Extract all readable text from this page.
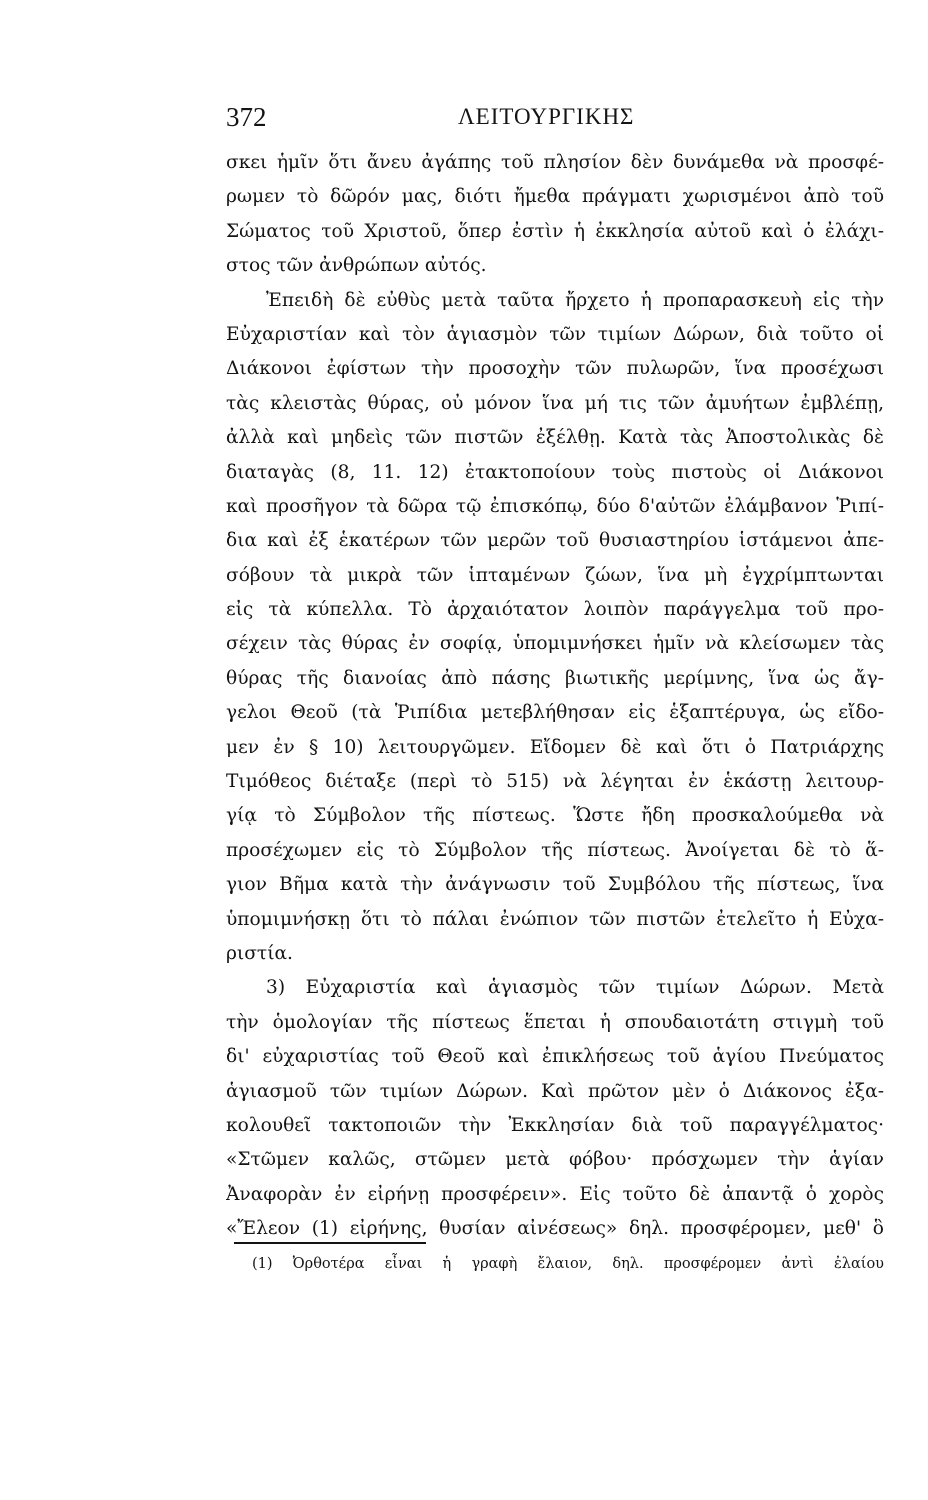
372	ΛΕΙΤΟΥΡΓΙΚΗΣ
σκει ἡμῖν ὅτι ἄνευ ἀγάπης τοῦ πλησίον δὲν δυνάμεθα νὰ προσφέ-
ρωμεν τὸ δῶρόν μας, διότι ἤμεθα πράγματι χωρισμένοι ἀπὸ τοῦ
Σώματος τοῦ Χριστοῦ, ὅπερ ἐστὶν ἡ ἐκκλησία αὐτοῦ καὶ ὁ ἐλάχι-
στος τῶν ἀνθρώπων αὐτός.
Ἐπειδὴ δὲ εὐθὺς μετὰ ταῦτα ἤρχετο ἡ προπαρασκευὴ εἰς τὴν
Εὐχαριστίαν καὶ τὸν ἁγιασμὸν τῶν τιμίων Δώρων, διὰ τοῦτο οἱ
Διάκονοι ἐφίστων τὴν προσοχὴν τῶν πυλωρῶν, ἵνα προσέχωσι
τὰς κλειστὰς θύρας, οὐ μόνον ἵνα μή τις τῶν ἀμυήτων ἐμβλέπῃ,
ἀλλὰ καὶ μηδεὶς τῶν πιστῶν ἐξέλθῃ. Κατὰ τὰς Ἀποστολικὰς δὲ
διαταγὰς (8, 11. 12) ἐτακτοποίουν τοὺς πιστοὺς οἱ Διάκονοι
καὶ προσῆγον τὰ δῶρα τῷ ἐπισκόπῳ, δύο δ'αὐτῶν ἐλάμβανον Ῥιπί-
δια καὶ ἐξ ἑκατέρων τῶν μερῶν τοῦ θυσιαστηρίου ἱστάμενοι ἀπε-
σόβουν τὰ μικρὰ τῶν ἱπταμένων ζώων, ἵνα μὴ ἐγχρίμπτωνται
εἰς τὰ κύπελλα. Τὸ ἀρχαιότατον λοιπὸν παράγγελμα τοῦ προ-
σέχειν τὰς θύρας ἐν σοφίᾳ, ὑπομιμνήσκει ἡμῖν νὰ κλείσωμεν τὰς
θύρας τῆς διανοίας ἀπὸ πάσης βιωτικῆς μερίμνης, ἵνα ὡς ἄγ-
γελοι Θεοῦ (τὰ Ῥιπίδια μετεβλήθησαν εἰς ἑξαπτέρυγα, ὡς εἴδο-
μεν ἐν § 10) λειτουργῶμεν. Εἴδομεν δὲ καὶ ὅτι ὁ Πατριάρχης
Τιμόθεος διέταξε (περὶ τὸ 515) νὰ λέγηται ἐν ἑκάστῃ λειτουρ-
γίᾳ τὸ Σύμβολον τῆς πίστεως. Ὥστε ἤδη προσκαλούμεθα νὰ
προσέχωμεν εἰς τὸ Σύμβολον τῆς πίστεως. Ἀνοίγεται δὲ τὸ ἅ-
γιον Βῆμα κατὰ τὴν ἀνάγνωσιν τοῦ Συμβόλου τῆς πίστεως, ἵνα
ὑπομιμνήσκῃ ὅτι τὸ πάλαι ἐνώπιον τῶν πιστῶν ἐτελεῖτο ἡ Εὐχα-
ριστία.
3) Εὐχαριστία καὶ ἁγιασμὸς τῶν τιμίων Δώρων. Μετὰ
τὴν ὁμολογίαν τῆς πίστεως ἕπεται ἡ σπουδαιοτάτη στιγμὴ τοῦ
δι' εὐχαριστίας τοῦ Θεοῦ καὶ ἐπικλήσεως τοῦ ἁγίου Πνεύματος
ἁγιασμοῦ τῶν τιμίων Δώρων. Καὶ πρῶτον μὲν ὁ Διάκονος ἐξα-
κολουθεῖ τακτοποιῶν τὴν Ἐκκλησίαν διὰ τοῦ παραγγέλματος·
«Στῶμεν καλῶς, στῶμεν μετὰ φόβου· πρόσχωμεν τὴν ἁγίαν
Ἀναφορὰν ἐν εἰρήνῃ προσφέρειν». Εἰς τοῦτο δὲ ἀπαντᾷ ὁ χορὸς
«Ἔλεον (1) εἰρήνης, θυσίαν αἰνέσεως» δηλ. προσφέρομεν, μεθ' ὃ
(1) Ὀρθοτέρα εἶναι ἡ γραφὴ ἔλαιον, δηλ. προσφέρομεν ἀντὶ ἐλαίου
